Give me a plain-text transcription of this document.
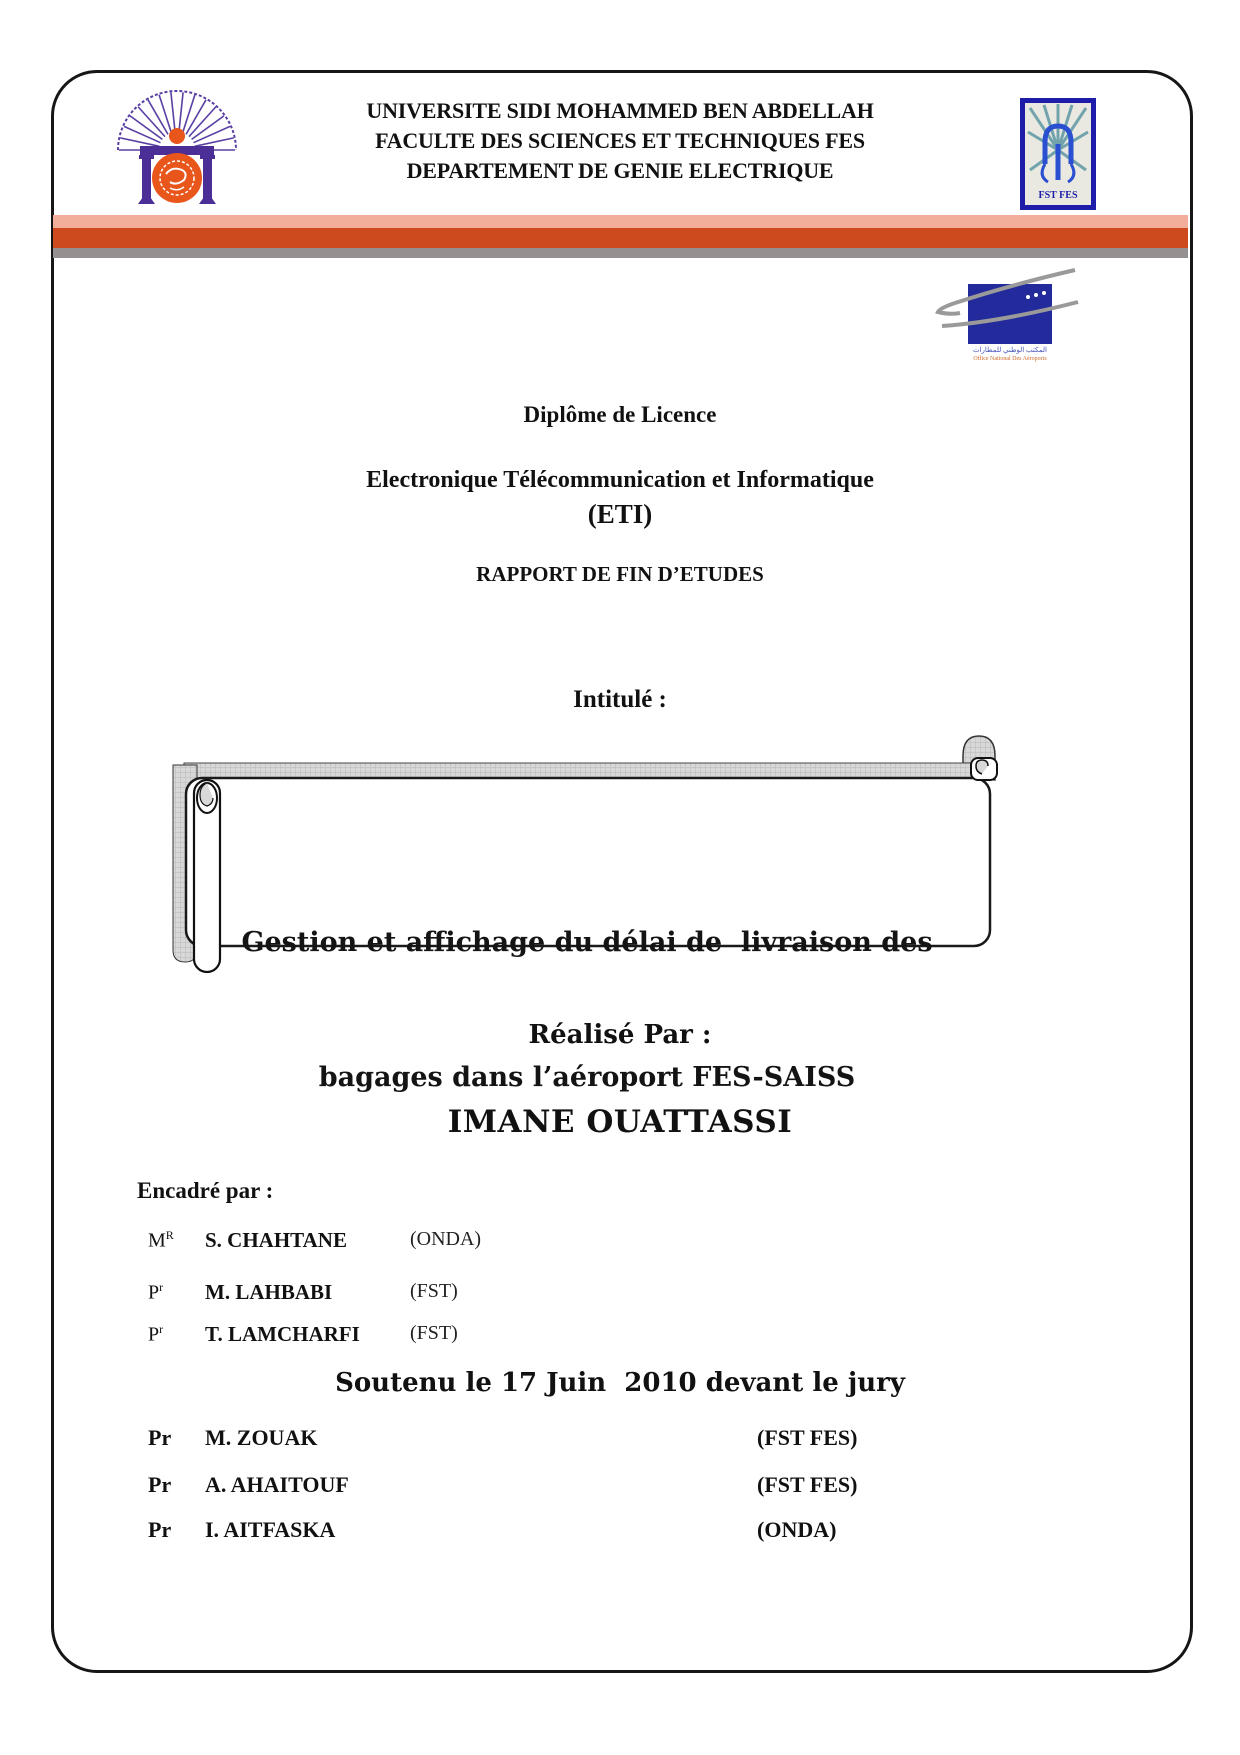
UNIVERSITE SIDI MOHAMMED BEN ABDELLAH
FACULTE DES SCIENCES ET TECHNIQUES FES
DEPARTEMENT DE GENIE ELECTRIQUE
FST FES
المكتب الوطني للمطارات
Office National Des Aéroports
Diplôme de Licence
Electronique Télécommunication et Informatique
(ETI)
RAPPORT DE FIN D’ETUDES
Intitulé :

Gestion et affichage du délai de  livraison des

bagages dans l’aéroport FES-SAISS

Réalisé Par :
IMANE OUATTASSI
Encadré par :
$M^R$ S. CHAHTANE	(ONDA)
$P^r$ M. LAHBABI	(FST)
$P^r$ T. LAMCHARFI	(FST)
Soutenu le 17 Juin  2010 devant le jury
Pr M. ZOUAK	(FST FES)
Pr A. AHAITOUF	(FST FES)
Pr I. AITFASKA	(ONDA)
